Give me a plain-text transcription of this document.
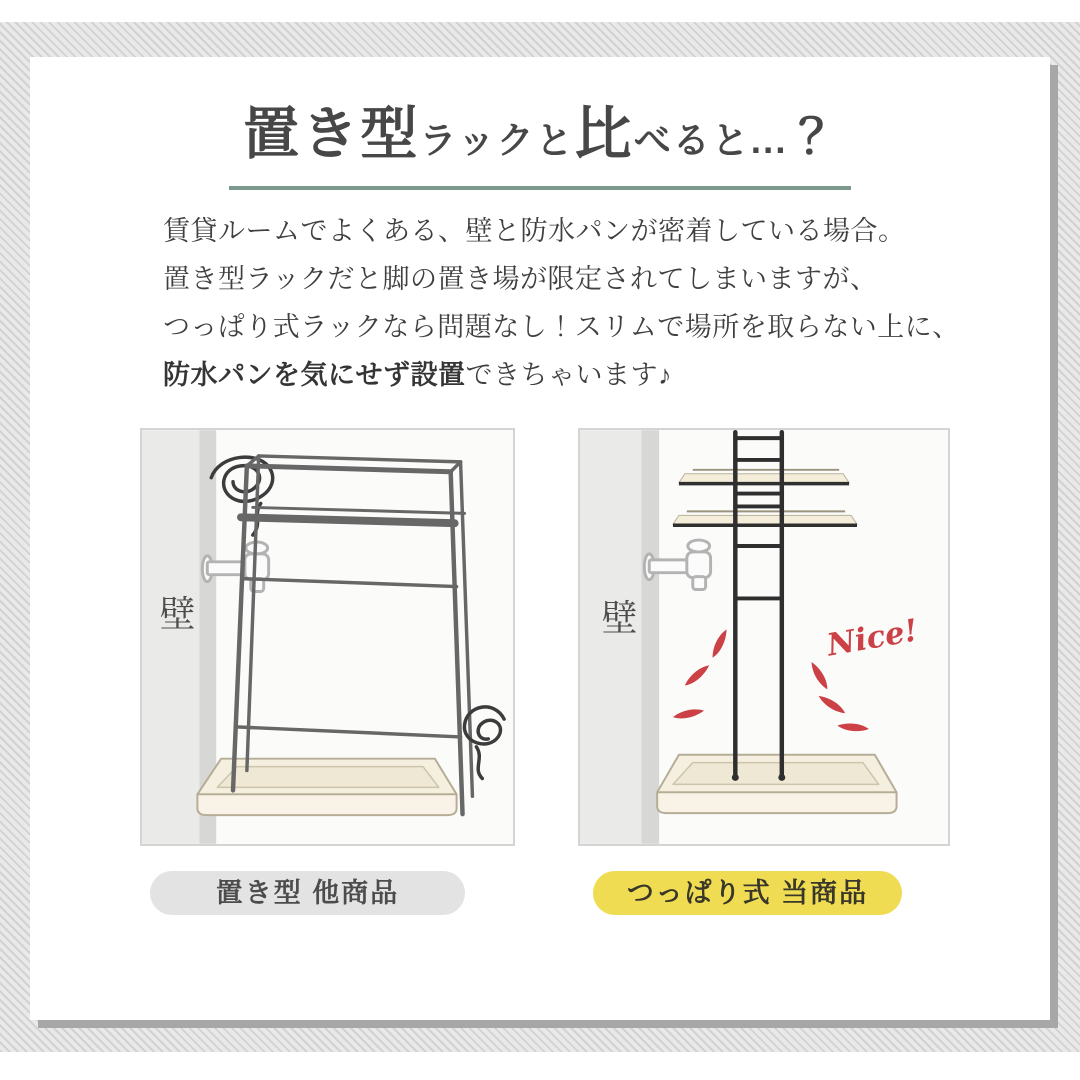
置き型ラックと比べると...？
賃貸ルームでよくある、壁と防水パンが密着している場合。
置き型ラックだと脚の置き場が限定されてしまいますが、
つっぱり式ラックなら問題なし！スリムで場所を取らない上に、
防水パンを気にせず設置できちゃいます♪
壁	壁	Nice!
置き型 他商品	つっぱり式 当商品
